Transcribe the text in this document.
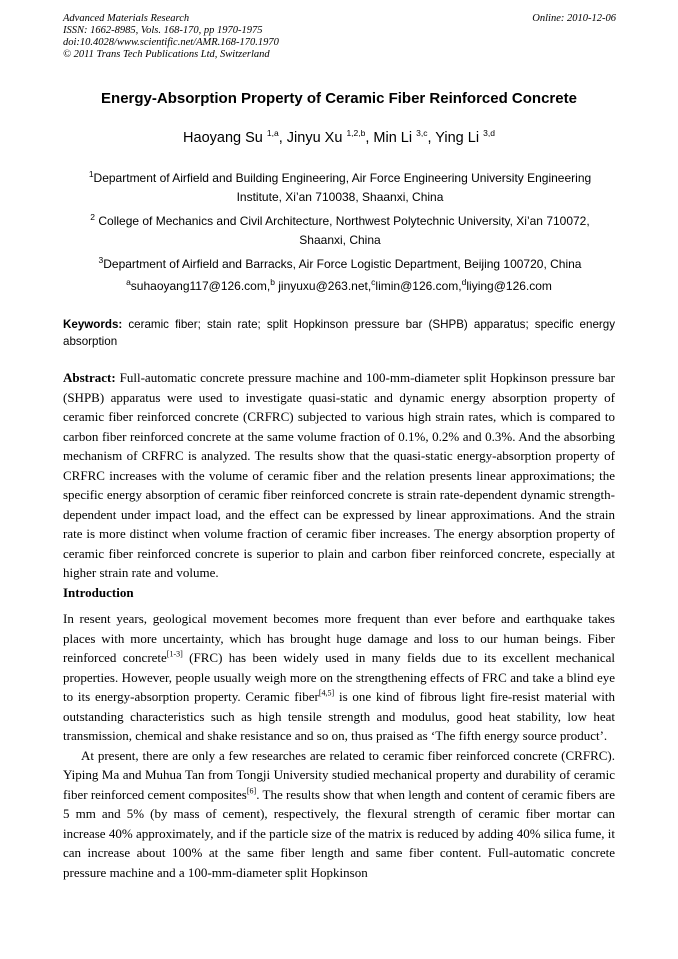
Advanced Materials Research
ISSN: 1662-8985, Vols. 168-170, pp 1970-1975
doi:10.4028/www.scientific.net/AMR.168-170.1970
© 2011 Trans Tech Publications Ltd, Switzerland
Online: 2010-12-06
Energy-Absorption Property of Ceramic Fiber Reinforced Concrete
Haoyang Su $^{1,a}$, Jinyu Xu $^{1,2,b}$, Min Li $^{3,c}$, Ying Li $^{3,d}$
$^1$Department of Airfield and Building Engineering, Air Force Engineering University Engineering Institute, Xi’an 710038, Shaanxi, China
$^2$ College of Mechanics and Civil Architecture, Northwest Polytechnic University, Xi’an 710072, Shaanxi, China
$^3$Department of Airfield and Barracks, Air Force Logistic Department, Beijing 100720, China
$^a$suhaoyang117@126.com,$^b$ jinyuxu@263.net,$^c$limin@126.com,$^d$liying@126.com
Keywords: ceramic fiber; stain rate; split Hopkinson pressure bar (SHPB) apparatus; specific energy absorption
Abstract: Full-automatic concrete pressure machine and 100-mm-diameter split Hopkinson pressure bar (SHPB) apparatus were used to investigate quasi-static and dynamic energy absorption property of ceramic fiber reinforced concrete (CRFRC) subjected to various high strain rates, which is compared to carbon fiber reinforced concrete at the same volume fraction of 0.1%, 0.2% and 0.3%. And the absorbing mechanism of CRFRC is analyzed. The results show that the quasi-static energy-absorption property of CRFRC increases with the volume of ceramic fiber and the relation presents linear approximations; the specific energy absorption of ceramic fiber reinforced concrete is strain rate-dependent dynamic strength-dependent under impact load, and the effect can be expressed by linear approximations. And the strain rate is more distinct when volume fraction of ceramic fiber increases. The energy absorption property of ceramic fiber reinforced concrete is superior to plain and carbon fiber reinforced concrete, especially at higher strain rate and volume.
Introduction

In resent years, geological movement becomes more frequent than ever before and earthquake takes places with more uncertainty, which has brought huge damage and loss to our human beings. Fiber reinforced concrete[1-3] (FRC) has been widely used in many fields due to its excellent mechanical properties. However, people usually weigh more on the strengthening effects of FRC and take a blind eye to its energy-absorption property. Ceramic fiber[4,5] is one kind of fibrous light fire-resist material with outstanding characteristics such as high tensile strength and modulus, good heat stability, low heat transmission, chemical and shake resistance and so on, thus praised as ‘The fifth energy source product’.

At present, there are only a few researches are related to ceramic fiber reinforced concrete (CRFRC). Yiping Ma and Muhua Tan from Tongji University studied mechanical property and durability of ceramic fiber reinforced cement composites[6]. The results show that when length and content of ceramic fibers are 5 mm and 5% (by mass of cement), respectively, the flexural strength of ceramic fiber mortar can increase 40% approximately, and if the particle size of the matrix is reduced by adding 40% silica fume, it can increase about 100% at the same fiber length and same fiber content. Full-automatic concrete pressure machine and a 100-mm-diameter split Hopkinson
